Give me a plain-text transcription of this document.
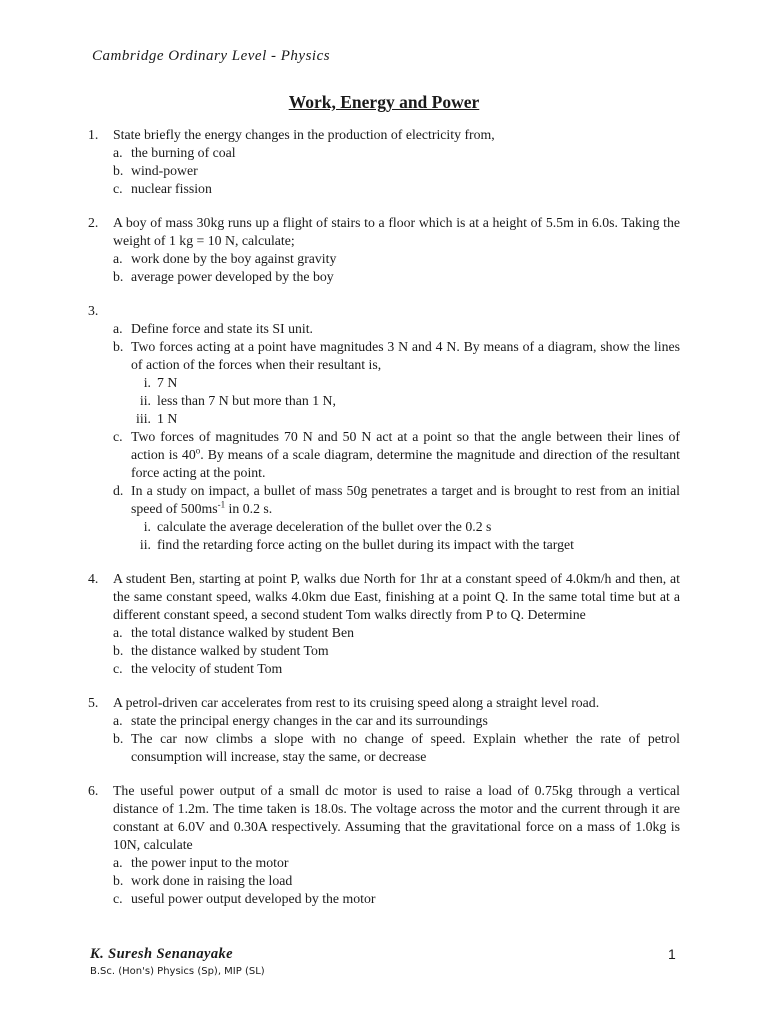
Cambridge Ordinary Level - Physics
Work, Energy and Power
1. State briefly the energy changes in the production of electricity from,
a. the burning of coal
b. wind-power
c. nuclear fission
2. A boy of mass 30kg runs up a flight of stairs to a floor which is at a height of 5.5m in 6.0s. Taking the weight of 1 kg = 10 N, calculate;
a. work done by the boy against gravity
b. average power developed by the boy
3.

a. Define force and state its SI unit.
b. Two forces acting at a point have magnitudes 3 N and 4 N. By means of a diagram, show the lines of action of the forces when their resultant is,
i. 7 N
ii. less than 7 N but more than 1 N,
iii. 1 N
c. Two forces of magnitudes 70 N and 50 N act at a point so that the angle between their lines of action is 40$^o$. By means of a scale diagram, determine the magnitude and direction of the resultant force acting at the point.
d. In a study on impact, a bullet of mass 50g penetrates a target and is brought to rest from an initial speed of $500ms^{-1}$ in 0.2 s.
i. calculate the average deceleration of the bullet over the 0.2 s
ii. find the retarding force acting on the bullet during its impact with the target
4. A student Ben, starting at point P, walks due North for 1hr at a constant speed of 4.0km/h and then, at the same constant speed, walks 4.0km due East, finishing at a point Q. In the same total time but at a different constant speed, a second student Tom walks directly from P to Q. Determine
a. the total distance walked by student Ben
b. the distance walked by student Tom
c. the velocity of student Tom
5. A petrol-driven car accelerates from rest to its cruising speed along a straight level road.
a. state the principal energy changes in the car and its surroundings
b. The car now climbs a slope with no change of speed. Explain whether the rate of petrol consumption will increase, stay the same, or decrease
6. The useful power output of a small dc motor is used to raise a load of 0.75kg through a vertical distance of 1.2m. The time taken is 18.0s. The voltage across the motor and the current through it are constant at 6.0V and 0.30A respectively. Assuming that the gravitational force on a mass of 1.0kg is 10N, calculate
a. the power input to the motor
b. work done in raising the load
c. useful power output developed by the motor
K. Suresh Senanayake
B.Sc. (Hon's) Physics (Sp), MIP (SL)
1
